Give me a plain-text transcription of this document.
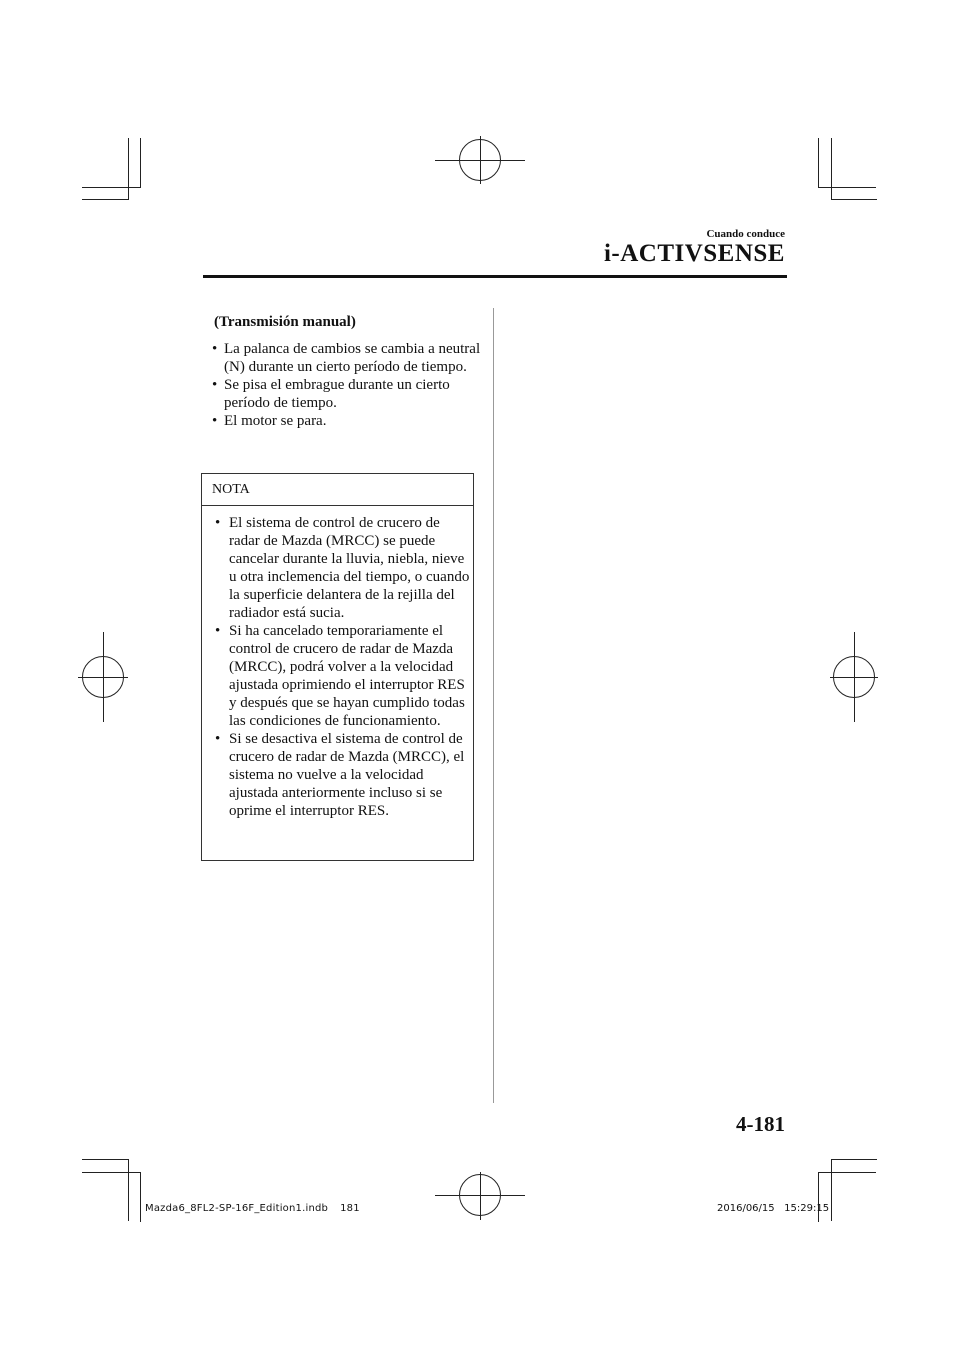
Cuando conduce
i-ACTIVSENSE
(Transmisión manual)
• La palanca de cambios se cambia a neutral (N) durante un cierto período de tiempo.
• Se pisa el embrague durante un cierto período de tiempo.
• El motor se para.
NOTA
• El sistema de control de crucero de radar de Mazda (MRCC) se puede cancelar durante la lluvia, niebla, nieve u otra inclemencia del tiempo, o cuando la superficie delantera de la rejilla del radiador está sucia.
• Si ha cancelado temporariamente el control de crucero de radar de Mazda (MRCC), podrá volver a la velocidad ajustada oprimiendo el interruptor RES y después que se hayan cumplido todas las condiciones de funcionamiento.
• Si se desactiva el sistema de control de crucero de radar de Mazda (MRCC), el sistema no vuelve a la velocidad ajustada anteriormente incluso si se oprime el interruptor RES.
4-181
Mazda6_8FL2-SP-16F_Edition1.indb 181	2016/06/15   15:29:15
